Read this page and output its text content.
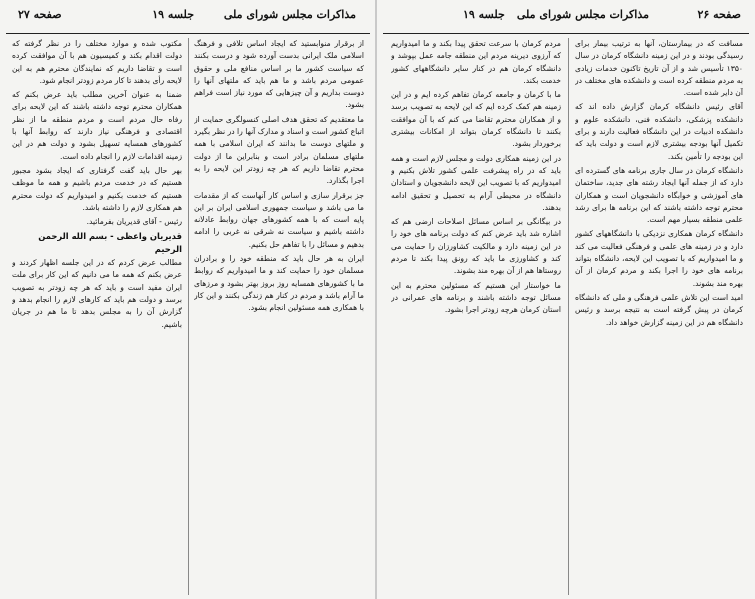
مذاکرات مجلس شورای ملی
جلسه ۱۹
صفحه ۲۷

از برقرار منوابستید که ایجاد اساس تلافی و فرهنگ اسلامی ملک ایرانی بدست آورده شود و درست بکنند که سیاست کشور ما بر اساس منافع ملی و حقوق عمومی مردم باشد و ما هم باید که ملتهای آنها را دوست بداریم و آن چیزهایی که مورد نیاز است فراهم بشود.

ما معتقدیم که تحقق هدف اصلی کنسولگری حمایت از اتباع کشور است و اسناد و مدارک آنها را در نظر بگیرد و ملتهای دوست ما بدانند که ایران اسلامی با همه ملتهای مسلمان برادر است و بنابراین ما از دولت محترم تقاضا داریم که هر چه زودتر این لایحه را به اجرا بگذارد.

جز برقرار سازی و اساس کار آنهاست که از مقدمات ما می باشد و سیاست جمهوری اسلامی ایران بر این پایه است که با همه کشورهای جهان روابط عادلانه داشته باشیم و سیاست نه شرقی نه غربی را ادامه بدهیم و مسائل را با تفاهم حل بکنیم.

ایران به هر حال باید که منطقه خود را و برادران مسلمان خود را حمایت کند و ما امیدواریم که روابط ما با کشورهای همسایه روز بروز بهتر بشود و مرزهای ما آرام باشد و مردم در کنار هم زندگی بکنند و این کار با همکاری همه مسئولین انجام بشود.

مکتوب شده و موارد مختلف را در نظر گرفته که دولت اقدام بکند و کمیسیون هم با آن موافقت کرده است و تقاضا داریم که نمایندگان محترم هم به این لایحه رأی بدهند تا کار مردم زودتر انجام شود.

ضمنا به عنوان آخرین مطلب باید عرض بکنم که همکاران محترم توجه داشته باشند که این لایحه برای رفاه حال مردم است و مردم منطقه ما از نظر اقتصادی و فرهنگی نیاز دارند که روابط آنها با کشورهای همسایه تسهیل بشود و دولت هم در این زمینه اقدامات لازم را انجام داده است.

بهر حال باید گفت گرفتاری که ایجاد بشود مجبور هستیم که در خدمت مردم باشیم و همه ما موظف هستیم که خدمت بکنیم و امیدواریم که دولت محترم هم همکاری لازم را داشته باشد.

رئیس - آقای قدیریان بفرمائید.

قدیریان واعظی - بسم الله الرحمن الرحیم

مطالب عرض کردم که در این جلسه اظهار کردند و عرض بکنم که همه ما می دانیم که این کار برای ملت ایران مفید است و باید که هر چه زودتر به تصویب برسد و دولت هم باید که کارهای لازم را انجام بدهد و گزارش آن را به مجلس بدهد تا ما هم در جریان باشیم.

مذاکرات مجلس شورای ملی
جلسه ۱۹	صفحه ۲۶

مسافت که در بیمارستان، آنها به ترتیب بیمار برای رسیدگی بودند و در این زمینه دانشگاه کرمان در سال ۱۳۵۰ تأسیس شد و از آن تاریخ تاکنون خدمات زیادی به مردم منطقه کرده است و دانشکده های مختلف در آن دایر شده است.

آقای رئیس دانشگاه کرمان گزارش داده اند که دانشکده پزشکی، دانشکده فنی، دانشکده علوم و دانشکده ادبیات در این دانشگاه فعالیت دارند و برای تکمیل آنها بودجه بیشتری لازم است و دولت باید که این بودجه را تأمین بکند.

دانشگاه کرمان در سال جاری برنامه های گسترده ای دارد که از جمله آنها ایجاد رشته های جدید، ساختمان های آموزشی و خوابگاه دانشجویان است و همکاران محترم توجه داشته باشند که این برنامه ها برای رشد علمی منطقه بسیار مهم است.

دانشگاه کرمان همکاری نزدیکی با دانشگاههای کشور دارد و در زمینه های علمی و فرهنگی فعالیت می کند و ما امیدواریم که با تصویب این لایحه، دانشگاه بتواند برنامه های خود را اجرا بکند و مردم کرمان از آن بهره مند بشوند.

امید است این تلاش علمی فرهنگی و ملی که دانشگاه کرمان در پیش گرفته است به نتیجه برسد و رئیس دانشگاه هم در این زمینه گزارش خواهد داد.

مردم کرمان با سرعت تحقق پیدا بکند و ما امیدواریم که آرزوی دیرینه مردم این منطقه جامه عمل بپوشد و دانشگاه کرمان هم در کنار سایر دانشگاههای کشور خدمت بکند.

ما با کرمان و جامعه کرمان تفاهم کرده ایم و در این زمینه هم کمک کرده ایم که این لایحه به تصویب برسد و از همکاران محترم تقاضا می کنم که با آن موافقت بکنند تا دانشگاه کرمان بتواند از امکانات بیشتری برخوردار بشود.

در این زمینه همکاری دولت و مجلس لازم است و همه باید که در راه پیشرفت علمی کشور تلاش بکنیم و امیدواریم که با تصویب این لایحه دانشجویان و استادان دانشگاه در محیطی آرام به تحصیل و تحقیق ادامه بدهند.

در بیگانگی بر اساس مسائل اصلاحات ارضی هم که اشاره شد باید عرض کنم که دولت برنامه های خود را در این زمینه دارد و مالکیت کشاورزان را حمایت می کند و کشاورزی ما باید که رونق پیدا بکند تا مردم روستاها هم از آن بهره مند بشوند.

ما خواستار این هستیم که مسئولین محترم به این مسائل توجه داشته باشند و برنامه های عمرانی در استان کرمان هرچه زودتر اجرا بشود.
